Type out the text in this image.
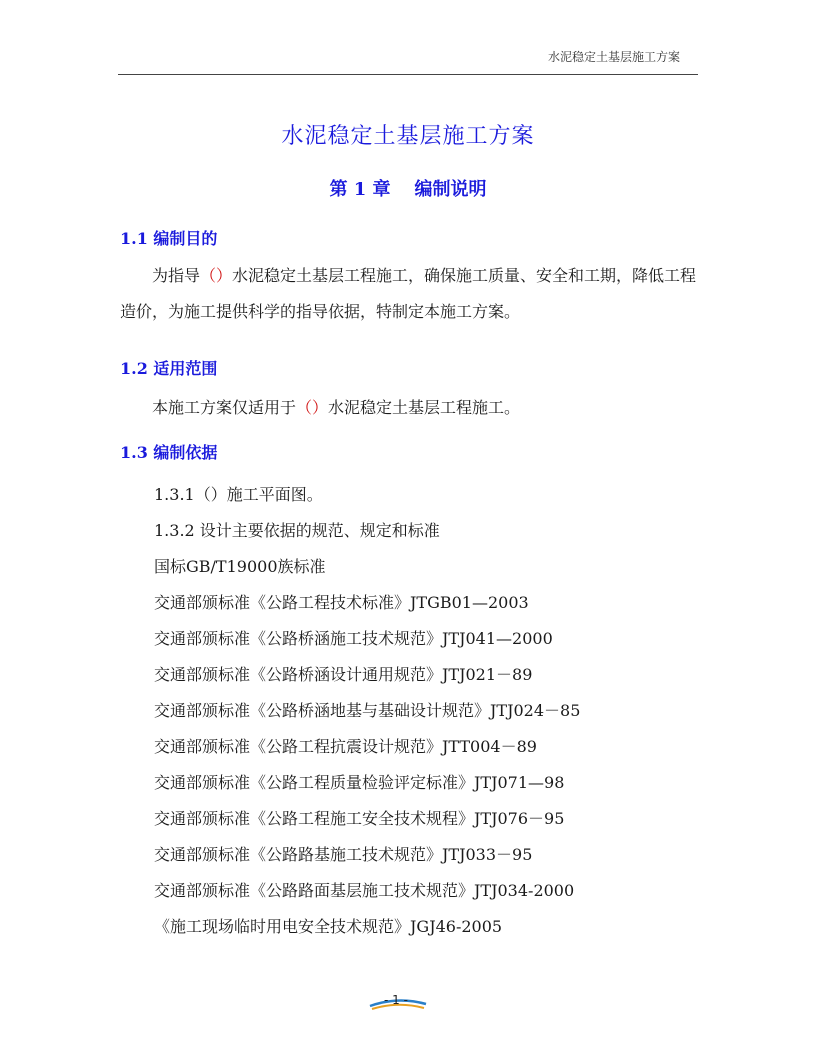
水泥稳定土基层施工方案
水泥稳定土基层施工方案
第 1 章 编制说明
1.1 编制目的

为指导（）水泥稳定土基层工程施工，确保施工质量、安全和工期，降低工程造价，为施工提供科学的指导依据，特制定本施工方案。

1.2 适用范围

本施工方案仅适用于（）水泥稳定土基层工程施工。

1.3 编制依据
1.3.1（）施工平面图。
1.3.2 设计主要依据的规范、规定和标准
国标GB/T19000族标准
交通部颁标准《公路工程技术标准》JTGB01—2003
交通部颁标准《公路桥涵施工技术规范》JTJ041—2000
交通部颁标准《公路桥涵设计通用规范》JTJ021－89
交通部颁标准《公路桥涵地基与基础设计规范》JTJ024－85
交通部颁标准《公路工程抗震设计规范》JTT004－89
交通部颁标准《公路工程质量检验评定标准》JTJ071—98
交通部颁标准《公路工程施工安全技术规程》JTJ076－95
交通部颁标准《公路路基施工技术规范》JTJ033－95
交通部颁标准《公路路面基层施工技术规范》JTJ034-2000
《施工现场临时用电安全技术规范》JGJ46-2005
- 1 -
